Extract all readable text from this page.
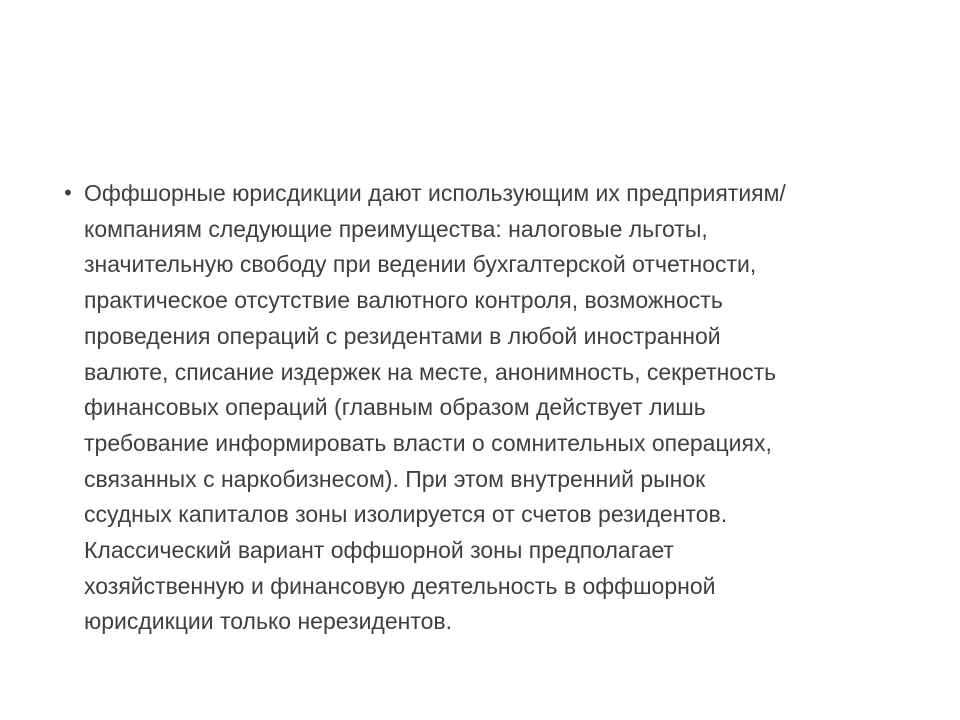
• Оффшорные юрисдикции дают использующим их предприятиям/
компаниям следующие преимущества: налоговые льготы,
значительную свободу при ведении бухгалтерской отчетности,
практическое отсутствие валютного контроля, возможность
проведения операций с резидентами в любой иностранной
валюте, списание издержек на месте, анонимность, секретность
финансовых операций (главным образом действует лишь
требование информировать власти о сомнительных операциях,
связанных с наркобизнесом). При этом внутренний рынок
ссудных капиталов зоны изолируется от счетов резидентов.
Классический вариант оффшорной зоны предполагает
хозяйственную и финансовую деятельность в оффшорной
юрисдикции только нерезидентов.
